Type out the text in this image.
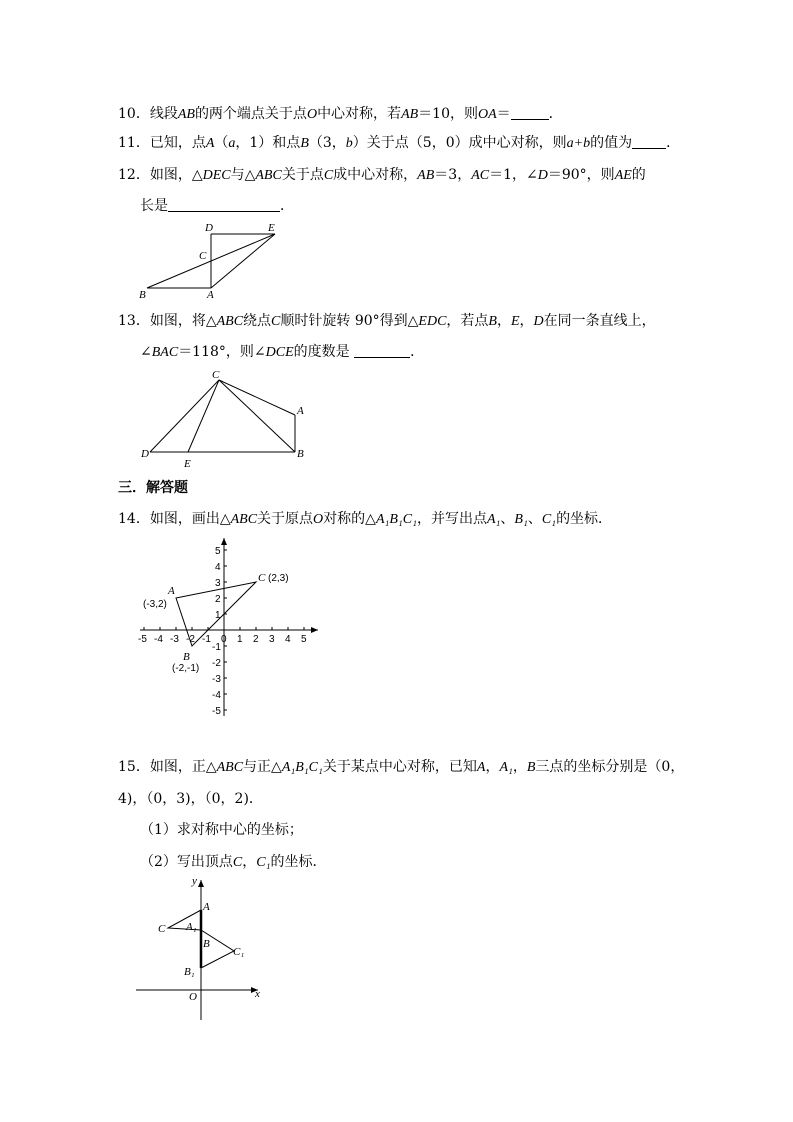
10．线段AB的两个端点关于点O中心对称，若AB＝10，则OA＝	．
11．已知，点A（a，1）和点B（3，b）关于点（5，0）成中心对称，则a+b的值为 ．
12．如图，△DEC与△ABC关于点C成中心对称，AB＝3，AC＝1，∠D＝90°，则AE的
长是	．
D	E
C
B	A
13．如图，将△ABC绕点C顺时针旋转 90°得到△EDC，若点B，E，D在同一条直线上，
∠BAC＝118°，则∠DCE的度数是	．
C
A
D
E
B
三．解答题
14．如图，画出△ABC关于原点O对称的△A₁B₁C₁，并写出点A₁、B₁、C₁的坐标．
-5 -4 -3 -2 -1 0 1 2 3 4 5
5
4
3
2
1
-1
-2
-3
-4
-5
A
(-3,2)
B
(-2,-1)
C (2,3)
15．如图，正△ABC与正△A₁B₁C₁关于某点中心对称，已知A，A₁，B三点的坐标分别是（0，
4)，（0，3)，（0，2)．
（1）求对称中心的坐标；
（2）写出顶点C，C₁的坐标．
y
x
O
A
A₁
B
B₁
C
C₁
